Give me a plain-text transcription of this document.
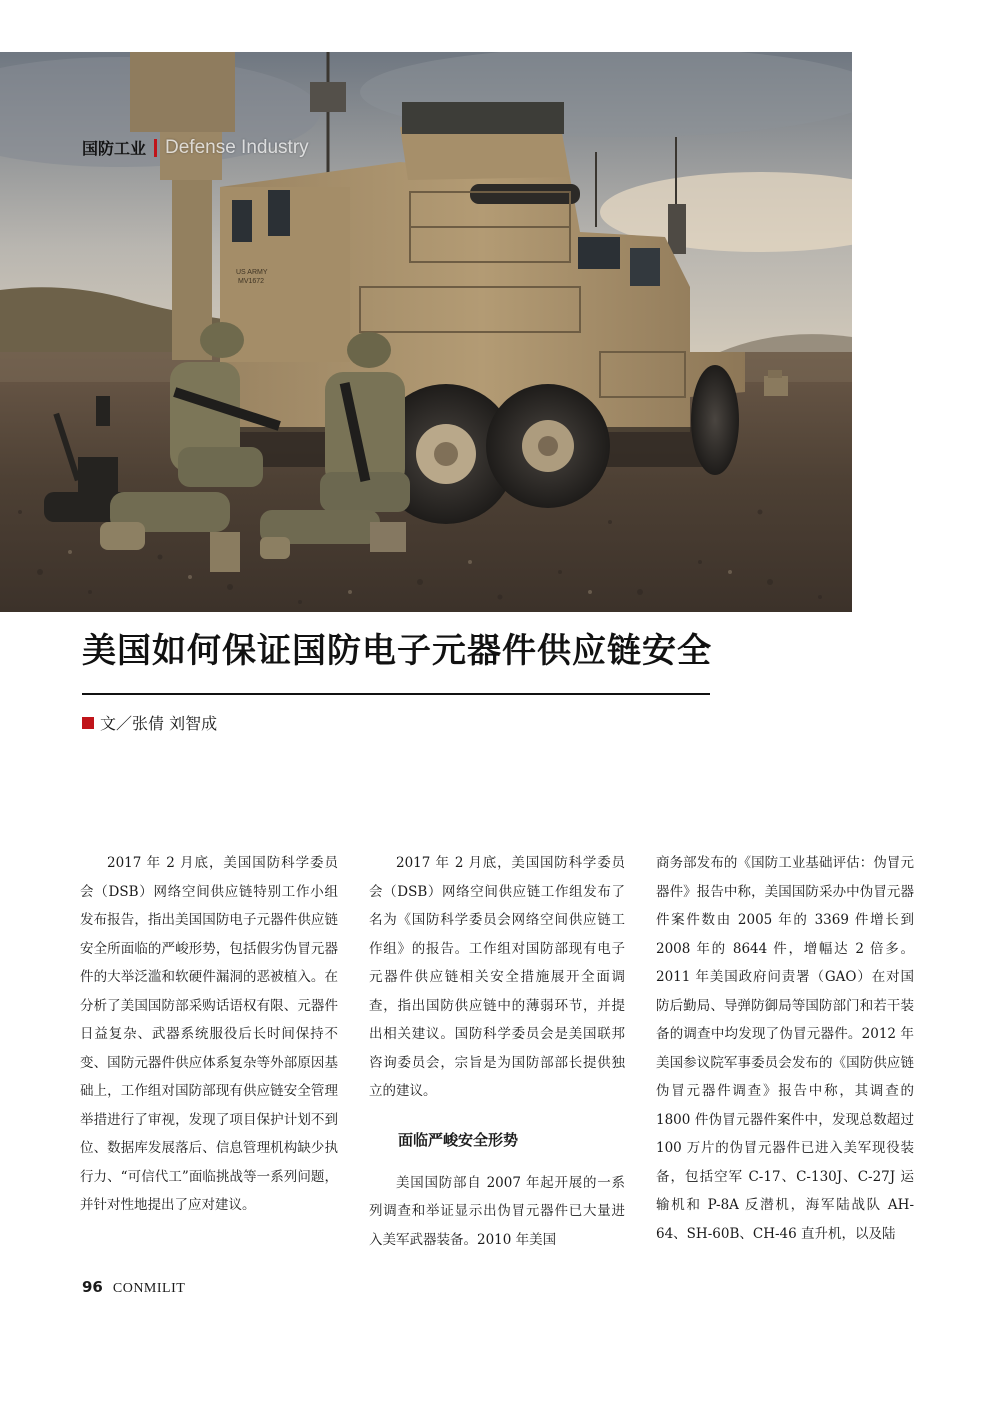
US ARMY
MV1672
国防工业 Defense Industry
美国如何保证国防电子元器件供应链安全
文／张倩 刘智成

2017 年 2 月底，美国国防科学委员会（DSB）网络空间供应链特别工作小组发布报告，指出美国国防电子元器件供应链安全所面临的严峻形势，包括假劣伪冒元器件的大举泛滥和软硬件漏洞的恶被植入。在分析了美国国防部采购话语权有限、元器件日益复杂、武器系统服役后长时间保持不变、国防元器件供应体系复杂等外部原因基础上，工作组对国防部现有供应链安全管理举措进行了审视，发现了项目保护计划不到位、数据库发展落后、信息管理机构缺少执行力、“可信代工”面临挑战等一系列问题，并针对性地提出了应对建议。

2017 年 2 月底，美国国防科学委员会（DSB）网络空间供应链工作组发布了名为《国防科学委员会网络空间供应链工作组》的报告。工作组对国防部现有电子元器件供应链相关安全措施展开全面调查，指出国防供应链中的薄弱环节，并提出相关建议。国防科学委员会是美国联邦咨询委员会，宗旨是为国防部部长提供独立的建议。

面临严峻安全形势

美国国防部自 2007 年起开展的一系列调查和举证显示出伪冒元器件已大量进入美军武器装备。2010 年美国

商务部发布的《国防工业基础评估：伪冒元器件》报告中称，美国国防采办中伪冒元器件案件数由 2005 年的 3369 件增长到 2008 年的 8644 件，增幅达 2 倍多。2011 年美国政府问责署（GAO）在对国防后勤局、导弹防御局等国防部门和若干装备的调查中均发现了伪冒元器件。2012 年美国参议院军事委员会发布的《国防供应链伪冒元器件调查》报告中称，其调查的 1800 件伪冒元器件案件中，发现总数超过 100 万片的伪冒元器件已进入美军现役装备，包括空军 C-17、C-130J、C-27J 运输机和 P-8A 反潜机，海军陆战队 AH-64、SH-60B、CH-46 直升机，以及陆

96 CONMILIT
